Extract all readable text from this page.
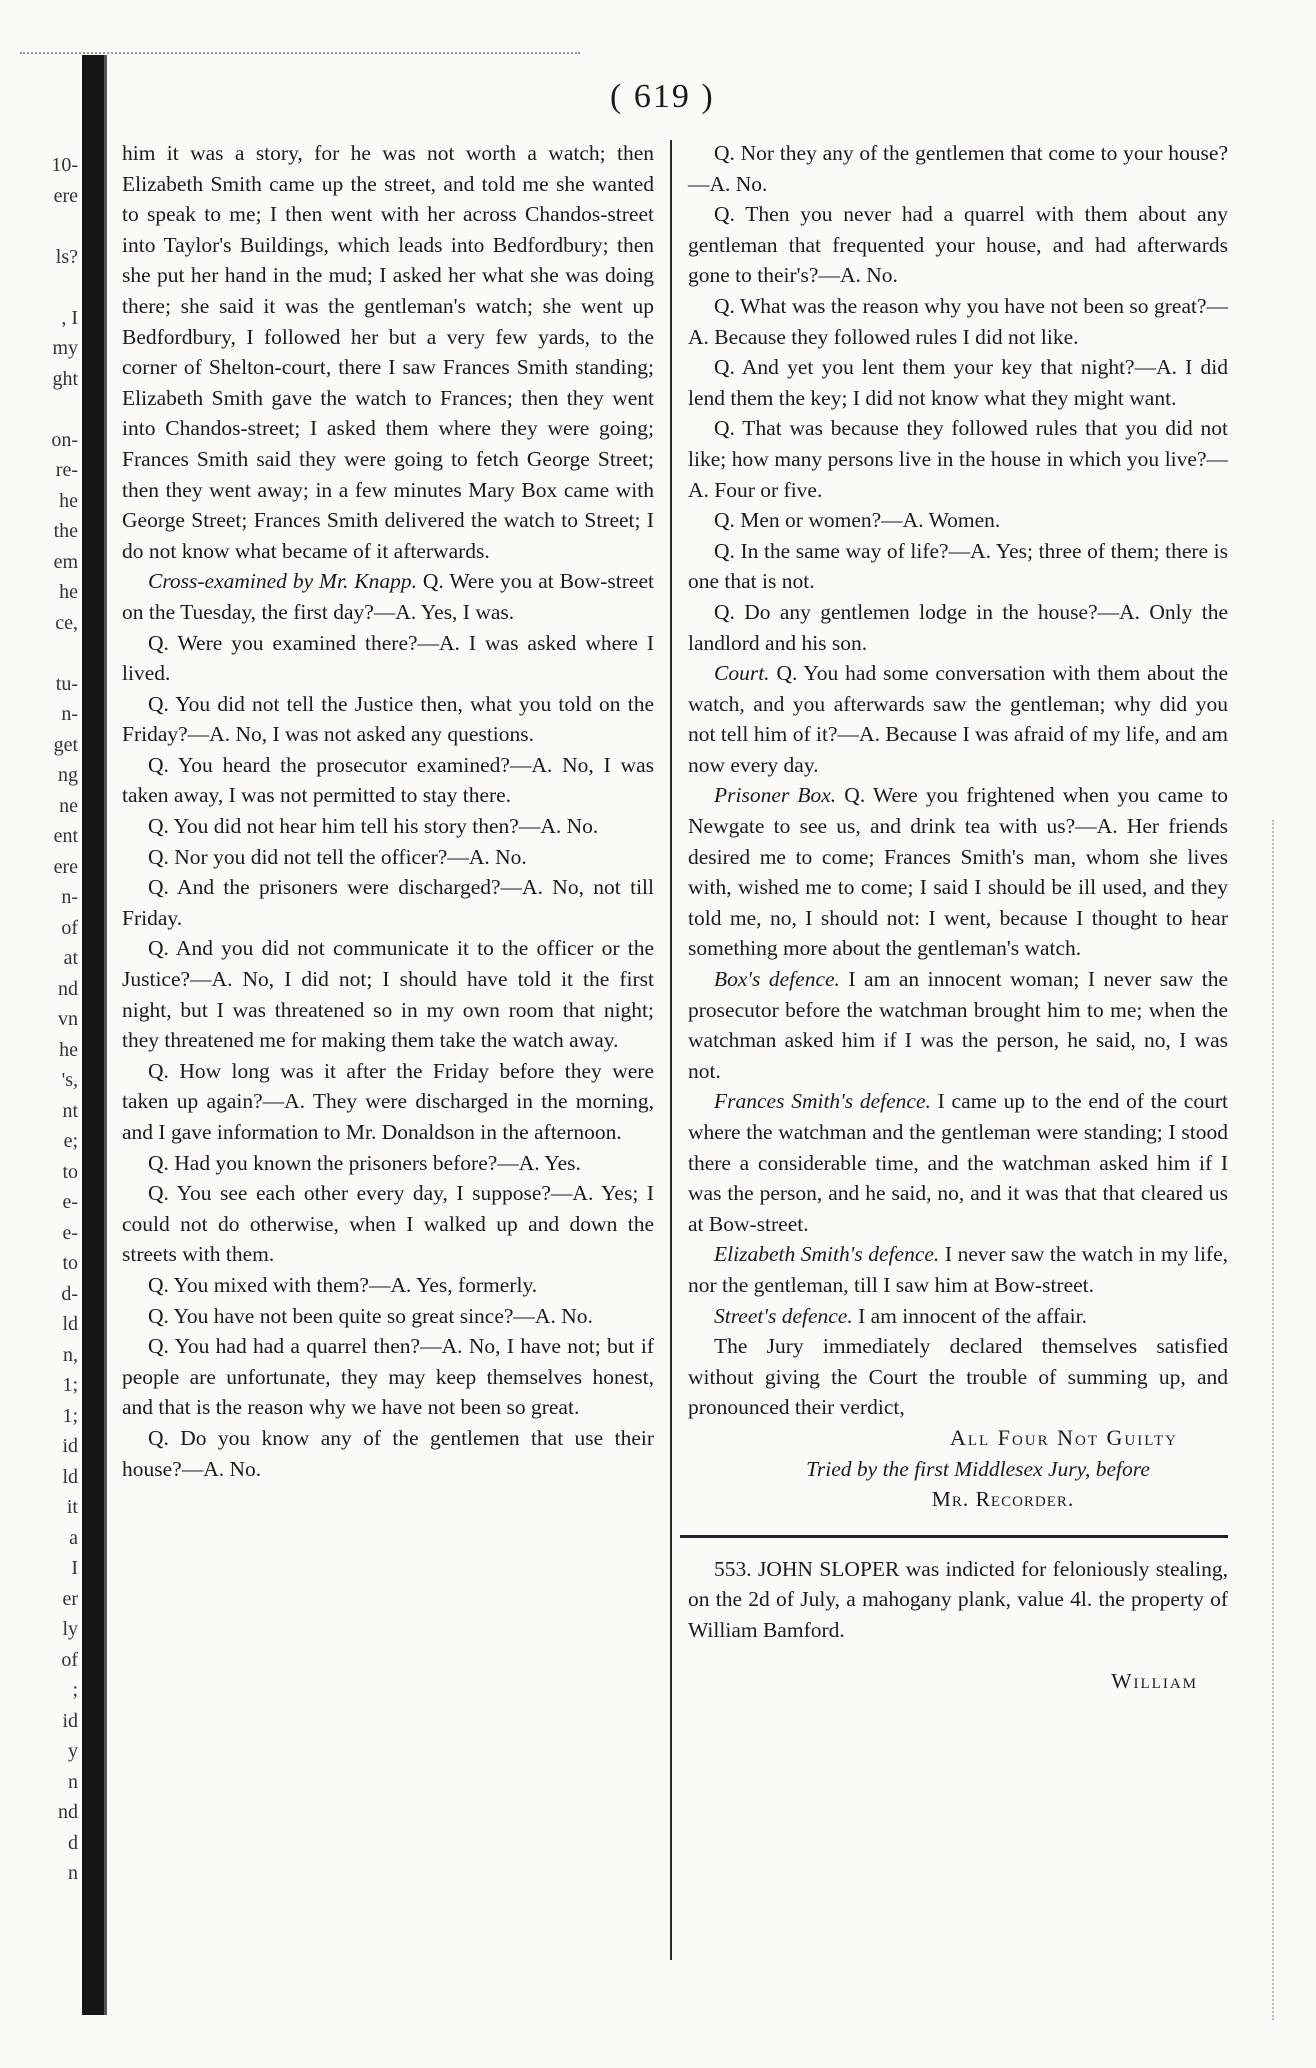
( 619 )
10-
ere
ls?
, I
my
ght
on-
re-
he
the
em
he
ce,
tu-
n-
get
ng
ne
ent
ere
n-
of
at
nd
vn
he
's,
nt
e;
to
e-
e-
to
d-
ld
n,
1;
1;
id
ld
it
a
I
er
ly
of
;
id
y
n
nd
d
n

him it was a story, for he was not worth a watch; then Elizabeth Smith came up the street, and told me she wanted to speak to me; I then went with her across Chandos-street into Taylor's Buildings, which leads into Bedfordbury; then she put her hand in the mud; I asked her what she was doing there; she said it was the gentleman's watch; she went up Bedfordbury, I followed her but a very few yards, to the corner of Shelton-court, there I saw Frances Smith standing; Elizabeth Smith gave the watch to Frances; then they went into Chandos-street; I asked them where they were going; Frances Smith said they were going to fetch George Street; then they went away; in a few minutes Mary Box came with George Street; Frances Smith delivered the watch to Street; I do not know what became of it afterwards.

Cross-examined by Mr. Knapp. Q. Were you at Bow-street on the Tuesday, the first day?—A. Yes, I was.

Q. Were you examined there?—A. I was asked where I lived.

Q. You did not tell the Justice then, what you told on the Friday?—A. No, I was not asked any questions.

Q. You heard the prosecutor examined?—A. No, I was taken away, I was not permitted to stay there.

Q. You did not hear him tell his story then?—A. No.

Q. Nor you did not tell the officer?—A. No.

Q. And the prisoners were discharged?—A. No, not till Friday.

Q. And you did not communicate it to the officer or the Justice?—A. No, I did not; I should have told it the first night, but I was threatened so in my own room that night; they threatened me for making them take the watch away.

Q. How long was it after the Friday before they were taken up again?—A. They were discharged in the morning, and I gave information to Mr. Donaldson in the afternoon.

Q. Had you known the prisoners before?—A. Yes.

Q. You see each other every day, I suppose?—A. Yes; I could not do otherwise, when I walked up and down the streets with them.

Q. You mixed with them?—A. Yes, formerly.

Q. You have not been quite so great since?—A. No.

Q. You had had a quarrel then?—A. No, I have not; but if people are unfortunate, they may keep themselves honest, and that is the reason why we have not been so great.

Q. Do you know any of the gentlemen that use their house?—A. No.

Q. Nor they any of the gentlemen that come to your house?—A. No.

Q. Then you never had a quarrel with them about any gentleman that frequented your house, and had afterwards gone to their's?—A. No.

Q. What was the reason why you have not been so great?—A. Because they followed rules I did not like.

Q. And yet you lent them your key that night?—A. I did lend them the key; I did not know what they might want.

Q. That was because they followed rules that you did not like; how many persons live in the house in which you live?—A. Four or five.

Q. Men or women?—A. Women.

Q. In the same way of life?—A. Yes; three of them; there is one that is not.

Q. Do any gentlemen lodge in the house?—A. Only the landlord and his son.

Court. Q. You had some conversation with them about the watch, and you afterwards saw the gentleman; why did you not tell him of it?—A. Because I was afraid of my life, and am now every day.

Prisoner Box. Q. Were you frightened when you came to Newgate to see us, and drink tea with us?—A. Her friends desired me to come; Frances Smith's man, whom she lives with, wished me to come; I said I should be ill used, and they told me, no, I should not: I went, because I thought to hear something more about the gentleman's watch.

Box's defence. I am an innocent woman; I never saw the prosecutor before the watchman brought him to me; when the watchman asked him if I was the person, he said, no, I was not.

Frances Smith's defence. I came up to the end of the court where the watchman and the gentleman were standing; I stood there a considerable time, and the watchman asked him if I was the person, and he said, no, and it was that that cleared us at Bow-street.

Elizabeth Smith's defence. I never saw the watch in my life, nor the gentleman, till I saw him at Bow-street.

Street's defence. I am innocent of the affair.

The Jury immediately declared themselves satisfied without giving the Court the trouble of summing up, and pronounced their verdict,

All Four Not Guilty

Tried by the first Middlesex Jury, before

Mr. Recorder.

553. JOHN SLOPER was indicted for feloniously stealing, on the 2d of July, a mahogany plank, value 4l. the property of William Bamford.

William
